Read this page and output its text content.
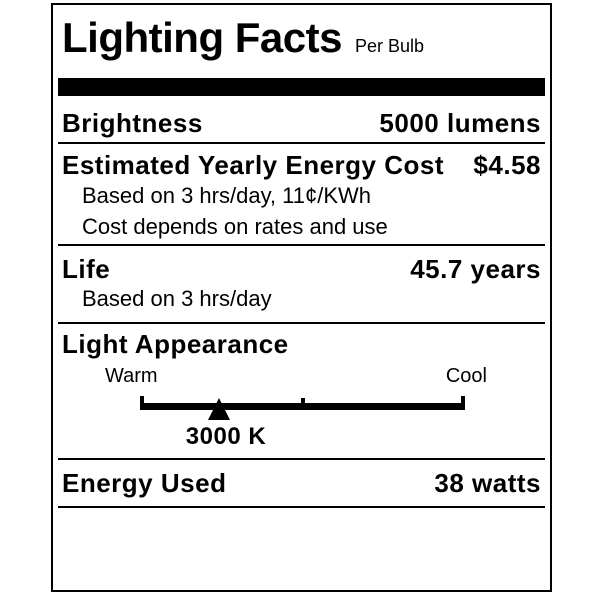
Lighting Facts Per Bulb
Brightness	5000 lumens
Estimated Yearly Energy Cost $4.58
Based on 3 hrs/day, 11¢/KWh
Cost depends on rates and use
Life	45.7 years
Based on 3 hrs/day
Light Appearance
Warm	Cool
3000 K
Energy Used	38 watts
